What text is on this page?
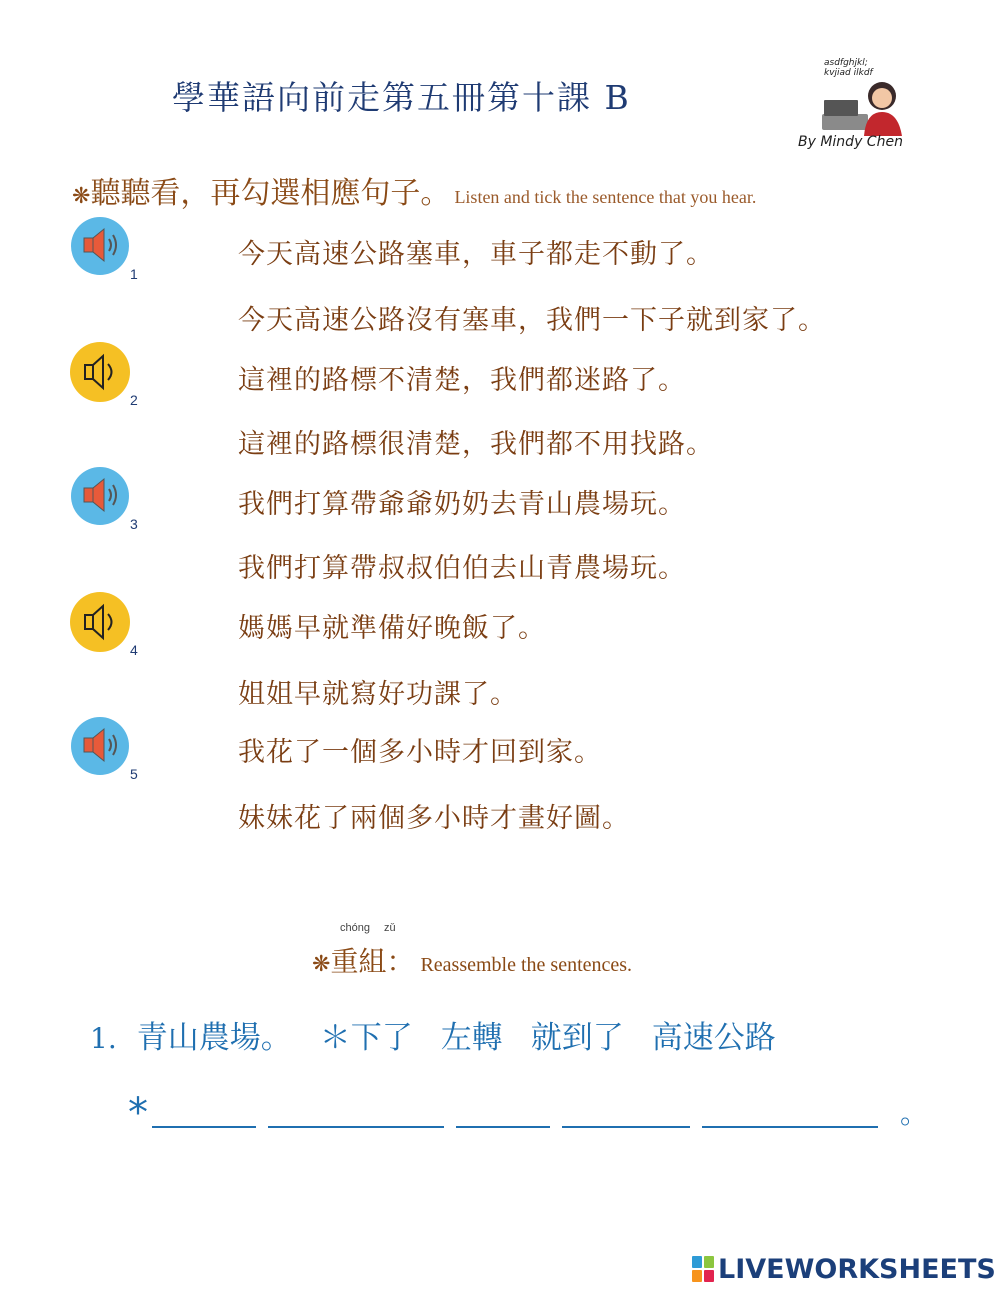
學華語向前走第五冊第十課 B
asdfghjkl; kvjiad ilkdf
By Mindy Chen
❋聽聽看，再勾選相應句子。 Listen and tick the sentence that you hear.
1
今天高速公路塞車，車子都走不動了。
今天高速公路沒有塞車，我們一下子就到家了。
2
這裡的路標不清楚，我們都迷路了。
這裡的路標很清楚，我們都不用找路。
3
我們打算帶爺爺奶奶去青山農場玩。
我們打算帶叔叔伯伯去山青農場玩。
4
媽媽早就準備好晚飯了。
姐姐早就寫好功課了。
5
我花了一個多小時才回到家。
妹妹花了兩個多小時才畫好圖。
chóng zǔ
❋重組： Reassemble the sentences.
1. 青山農場。 ＊下了 左轉 就到了 高速公路
*	。
LIVEWORKSHEETS
